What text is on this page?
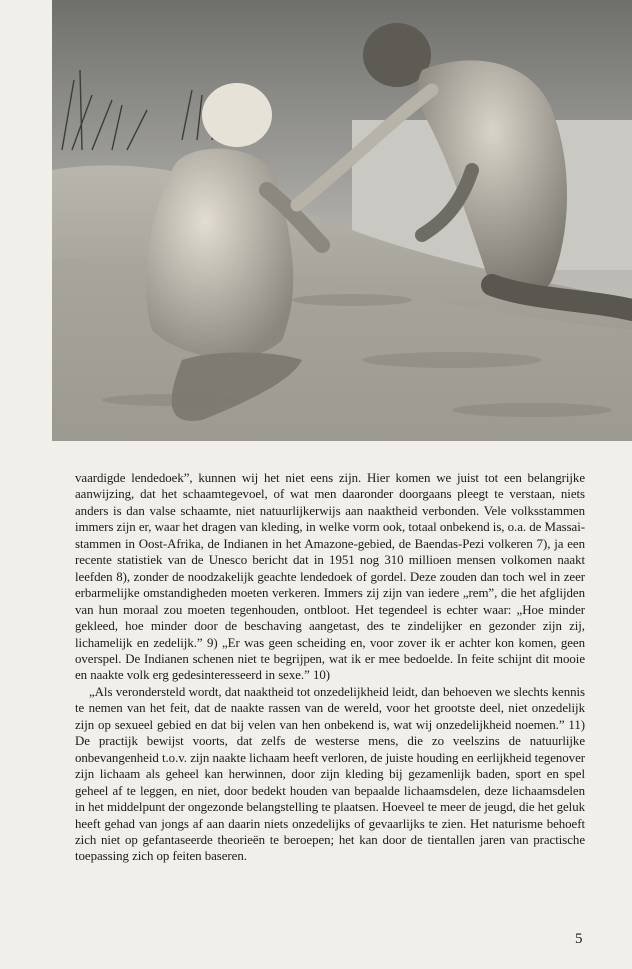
vaardigde lendedoek”, kunnen wij het niet eens zijn. Hier komen we juist tot een belangrijke aanwijzing, dat het schaamtegevoel, of wat men daaronder doorgaans pleegt te verstaan, niets anders is dan valse schaamte, niet natuurlijkerwijs aan naaktheid verbonden. Vele volksstammen immers zijn er, waar het dragen van kleding, in welke vorm ook, totaal onbekend is, o.a. de Massai-stammen in Oost-Afrika, de Indianen in het Amazone-gebied, de Baendas-Pezi volkeren 7), ja een recente statistiek van de Unesco bericht dat in 1951 nog 310 millioen mensen volkomen naakt leefden 8), zonder de noodzakelijk geachte lendedoek of gordel. Deze zouden dan toch wel in zeer erbarmelijke omstandigheden moeten verkeren. Immers zij zijn van iedere „rem”, die het afglijden van hun moraal zou moeten tegenhouden, ontbloot. Het tegendeel is echter waar: „Hoe minder gekleed, hoe minder door de beschaving aangetast, des te zindelijker en gezonder zijn zij, lichamelijk en zedelijk.” 9) „Er was geen scheiding en, voor zover ik er achter kon komen, geen overspel. De Indianen schenen niet te begrijpen, wat ik er mee bedoelde. In feite schijnt dit mooie en naakte volk erg gedesinteresseerd in sexe.” 10)

„Als verondersteld wordt, dat naaktheid tot onzedelijkheid leidt, dan behoeven we slechts kennis te nemen van het feit, dat de naakte rassen van de wereld, voor het grootste deel, niet onzedelijk zijn op sexueel gebied en dat bij velen van hen onbekend is, wat wij onzedelijkheid noemen.” 11) De practijk bewijst voorts, dat zelfs de westerse mens, die zo veelszins de natuurlijke onbevangenheid t.o.v. zijn naakte lichaam heeft verloren, de juiste houding en eerlijkheid tegenover zijn lichaam als geheel kan herwinnen, door zijn kleding bij gezamenlijk baden, sport en spel geheel af te leggen, en niet, door bedekt houden van bepaalde lichaamsdelen, deze lichaamsdelen in het middelpunt der ongezonde belangstelling te plaatsen. Hoeveel te meer de jeugd, die het geluk heeft gehad van jongs af aan daarin niets onzedelijks of gevaarlijks te zien. Het naturisme behoeft zich niet op gefantaseerde theorieën te beroepen; het kan door de tientallen jaren van practische toepassing zich op feiten baseren.

5
